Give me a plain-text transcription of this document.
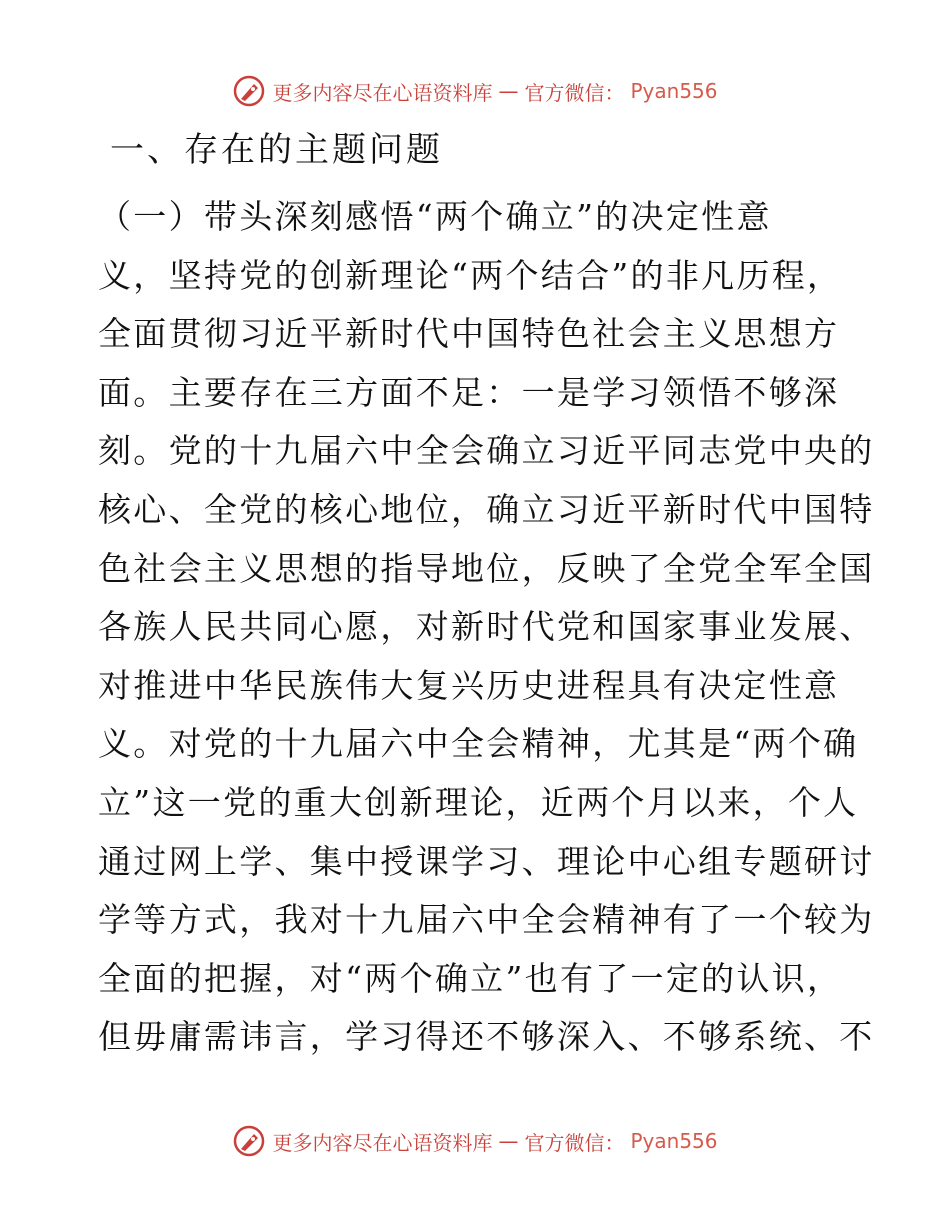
更多内容尽在心语资料库 — 官方微信： Pyan556
一、存在的主题问题

（一）带头深刻感悟“两个确立”的决定性意
义，坚持党的创新理论“两个结合”的非凡历程，
全面贯彻习近平新时代中国特色社会主义思想方
面。主要存在三方面不足：一是学习领悟不够深
刻。党的十九届六中全会确立习近平同志党中央的
核心、全党的核心地位，确立习近平新时代中国特
色社会主义思想的指导地位，反映了全党全军全国
各族人民共同心愿，对新时代党和国家事业发展、
对推进中华民族伟大复兴历史进程具有决定性意
义。对党的十九届六中全会精神，尤其是“两个确
立”这一党的重大创新理论，近两个月以来，个人
通过网上学、集中授课学习、理论中心组专题研讨
学等方式，我对十九届六中全会精神有了一个较为
全面的把握，对“两个确立”也有了一定的认识，
但毋庸需讳言，学习得还不够深入、不够系统、不

更多内容尽在心语资料库 — 官方微信： Pyan556
